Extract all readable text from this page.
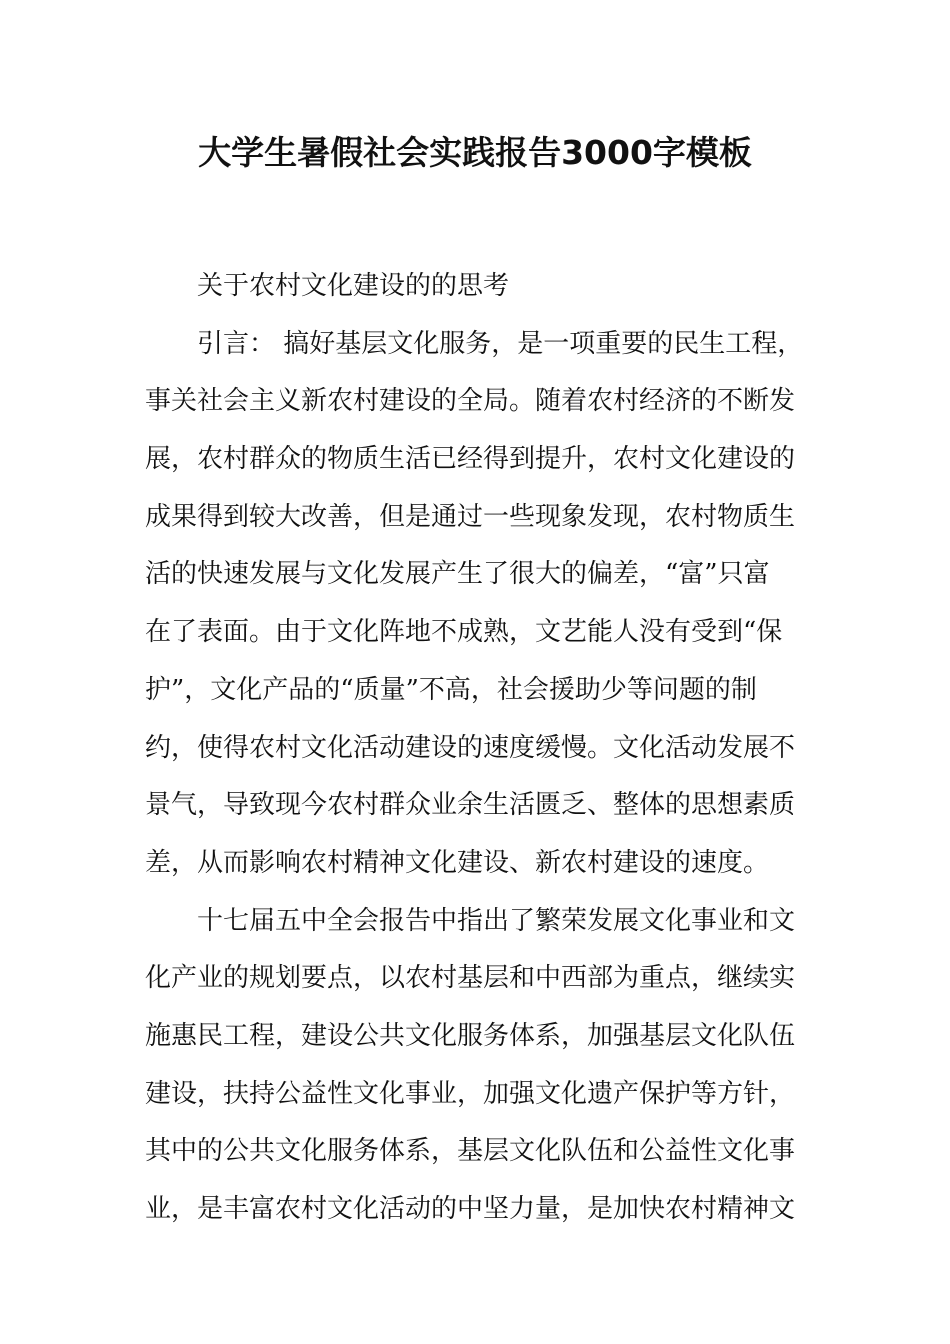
大学生暑假社会实践报告3000字模板
关于农村文化建设的的思考
引言： 搞好基层文化服务，是一项重要的民生工程，
事关社会主义新农村建设的全局。随着农村经济的不断发
展，农村群众的物质生活已经得到提升，农村文化建设的
成果得到较大改善，但是通过一些现象发现，农村物质生
活的快速发展与文化发展产生了很大的偏差，“富”只富
在了表面。由于文化阵地不成熟，文艺能人没有受到“保
护”，文化产品的“质量”不高，社会援助少等问题的制
约，使得农村文化活动建设的速度缓慢。文化活动发展不
景气，导致现今农村群众业余生活匮乏、整体的思想素质
差，从而影响农村精神文化建设、新农村建设的速度。
十七届五中全会报告中指出了繁荣发展文化事业和文
化产业的规划要点，以农村基层和中西部为重点，继续实
施惠民工程，建设公共文化服务体系，加强基层文化队伍
建设，扶持公益性文化事业，加强文化遗产保护等方针，
其中的公共文化服务体系，基层文化队伍和公益性文化事
业，是丰富农村文化活动的中坚力量，是加快农村精神文
